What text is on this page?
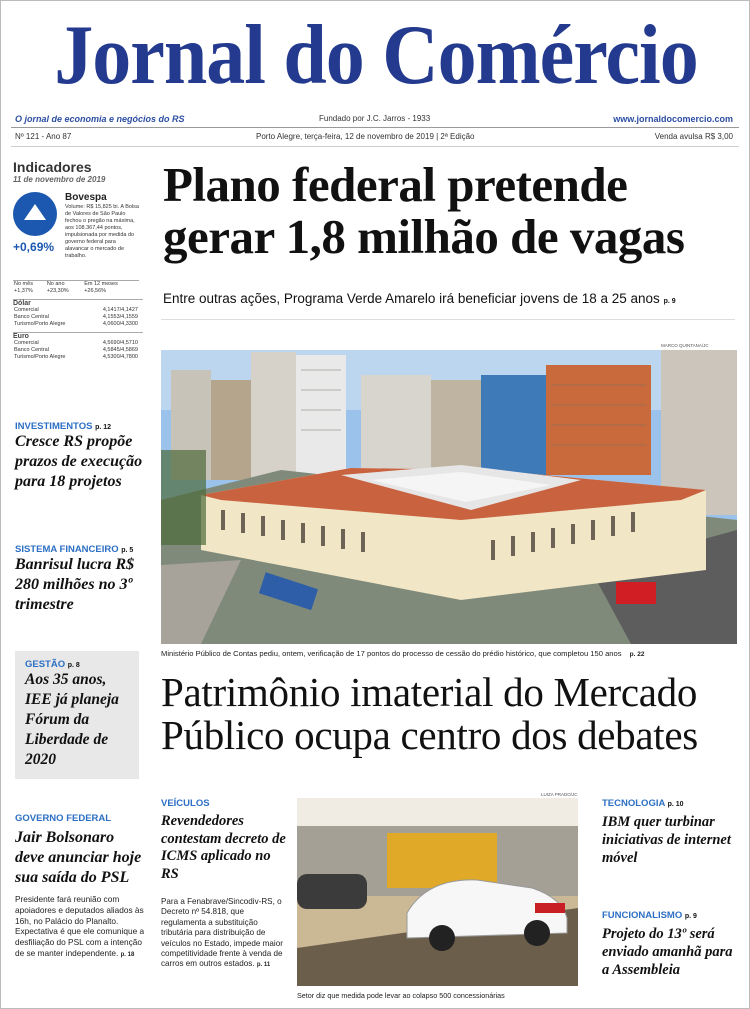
Jornal do Comércio
O jornal de economia e negócios do RS	Fundado por J.C. Jarros - 1933	www.jornaldocomercio.com
Nº 121 - Ano 87	Porto Alegre, terça-feira, 12 de novembro de 2019 | 2ª Edição	Venda avulsa R$ 3,00
Indicadores
11 de novembro de 2019
+0,69%
Bovespa
Volume: R$ 15,825 bi. A Bolsa de Valores de São Paulo fechou o pregão na máxima, aos 108.367,44 pontos, impulsionada por medida do governo federal para alavancar o mercado de trabalho.
No mês	No ano	Em 12 meses
+1,37%	+23,30%	+26,56%
Dólar
Comercial	4,1417/4,1427
Banco Central	4,1553/4,1559
Turismo/Porto Alegre	4,0600/4,3300
Euro
Comercial	4,5690/4,5710
Banco Central	4,5845/4,5869
Turismo/Porto Alegre	4,5300/4,7800
INVESTIMENTOS p. 12
Cresce RS propõe prazos de execução para 18 projetos
SISTEMA FINANCEIRO p. 5
Banrisul lucra R$ 280 milhões no 3º trimestre
GESTÃO p. 8
Aos 35 anos, IEE já planeja Fórum da Liberdade de 2020
GOVERNO FEDERAL
Jair Bolsonaro deve anunciar hoje sua saída do PSL
Presidente fará reunião com apoiadores e deputados aliados às 16h, no Palácio do Planalto. Expectativa é que ele comunique a desfiliação do PSL com a intenção de se manter independente. p. 18
Plano federal pretende gerar 1,8 milhão de vagas
Entre outras ações, Programa Verde Amarelo irá beneficiar jovens de 18 a 25 anos p. 9
MARCO QUINTANA/JC
Ministério Público de Contas pediu, ontem, verificação de 17 pontos do processo de cessão do prédio histórico, que completou 150 anos p. 22
Patrimônio imaterial do Mercado Público ocupa centro dos debates
VEÍCULOS
Revendedores contestam decreto de ICMS aplicado no RS
Para a Fenabrave/Sincodiv-RS, o Decreto nº 54.818, que regulamenta a substituição tributária para distribuição de veículos no Estado, impede maior competitividade frente à venda de carros em outros estados. p. 11
LUIZA PRADO/JC
Setor diz que medida pode levar ao colapso 500 concessionárias
TECNOLOGIA p. 10
IBM quer turbinar iniciativas de internet móvel
FUNCIONALISMO p. 9
Projeto do 13º será enviado amanhã para a Assembleia
